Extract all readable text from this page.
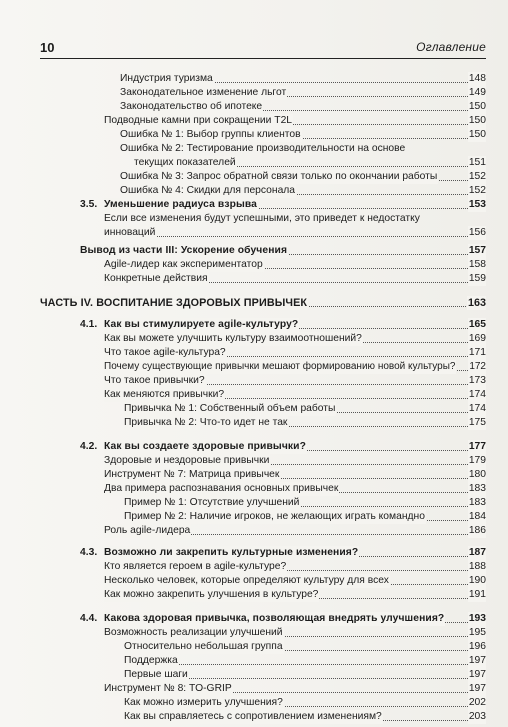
10	Оглавление
Индустрия туризма	148
Законодательное изменение льгот	149
Законодательство об ипотеке	150
Подводные камни при сокращении T2L	150
Ошибка № 1: Выбор группы клиентов	150
Ошибка № 2: Тестирование производительности на основе
текущих показателей	151
Ошибка № 3: Запрос обратной связи только по окончании работы	152
Ошибка № 4: Скидки для персонала	152
3.5. Уменьшение радиуса взрыва	153
Если все изменения будут успешными, это приведет к недостатку
инноваций	156
Вывод из части III: Ускорение обучения	157
Agile-лидер как экспериментатор	158
Конкретные действия	159
ЧАСТЬ IV. ВОСПИТАНИЕ ЗДОРОВЫХ ПРИВЫЧЕК	163
4.1. Как вы стимулируете agile-культуру?	165
Как вы можете улучшить культуру взаимоотношений?	169
Что такое agile-культура?	171
Почему существующие привычки мешают формированию новой культуры? 172
Что такое привычки?	173
Как меняются привычки?	174
Привычка № 1: Собственный объем работы	174
Привычка № 2: Что-то идет не так	175
4.2. Как вы создаете здоровые привычки?	177
Здоровые и нездоровые привычки	179
Инструмент № 7: Матрица привычек	180
Два примера распознавания основных привычек	183
Пример № 1: Отсутствие улучшений	183
Пример № 2: Наличие игроков, не желающих играть командно	184
Роль agile-лидера	186
4.3. Возможно ли закрепить культурные изменения?	187
Кто является героем в agile-культуре?	188
Несколько человек, которые определяют культуру для всех	190
Как можно закрепить улучшения в культуре?	191
4.4. Какова здоровая привычка, позволяющая внедрять улучшения? 193
Возможность реализации улучшений	195
Относительно небольшая группа	196
Поддержка	197
Первые шаги	197
Инструмент № 8: TO-GRIP	197
Как можно измерить улучшения?	202
Как вы справляетесь с сопротивлением изменениям?	203
